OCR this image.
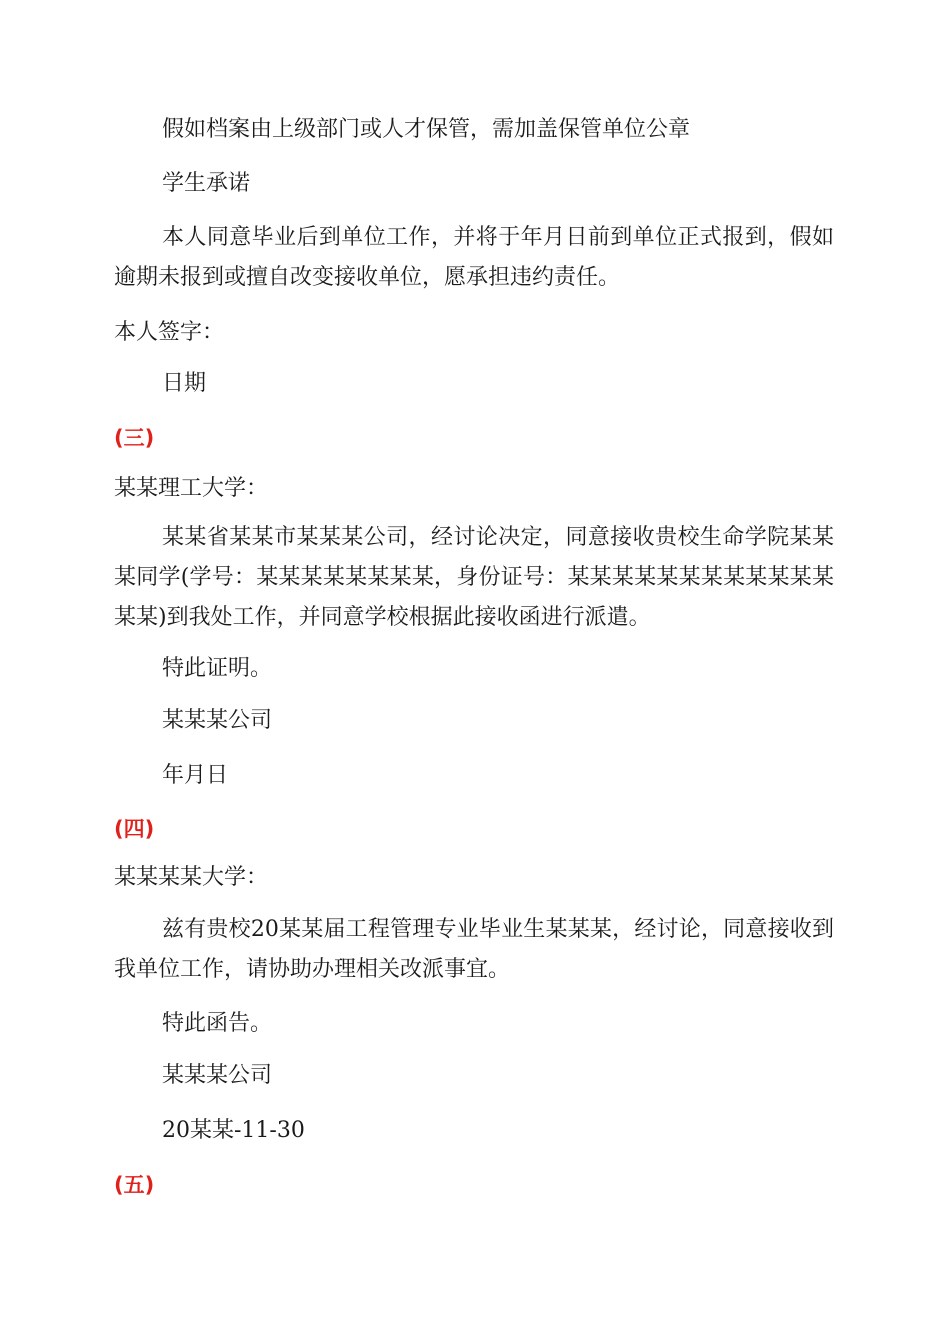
假如档案由上级部门或人才保管，需加盖保管单位公章

学生承诺

本人同意毕业后到单位工作，并将于年月日前到单位正式报到，假如逾期未报到或擅自改变接收单位，愿承担违约责任。

本人签字：

日期

(三)

某某理工大学：

某某省某某市某某某公司，经讨论决定，同意接收贵校生命学院某某某同学(学号：某某某某某某某某，身份证号：某某某某某某某某某某某某某某)到我处工作，并同意学校根据此接收函进行派遣。

特此证明。

某某某公司

年月日

(四)

某某某某大学：

兹有贵校20某某届工程管理专业毕业生某某某，经讨论，同意接收到我单位工作，请协助办理相关改派事宜。

特此函告。

某某某公司

20某某-11-30

(五)
